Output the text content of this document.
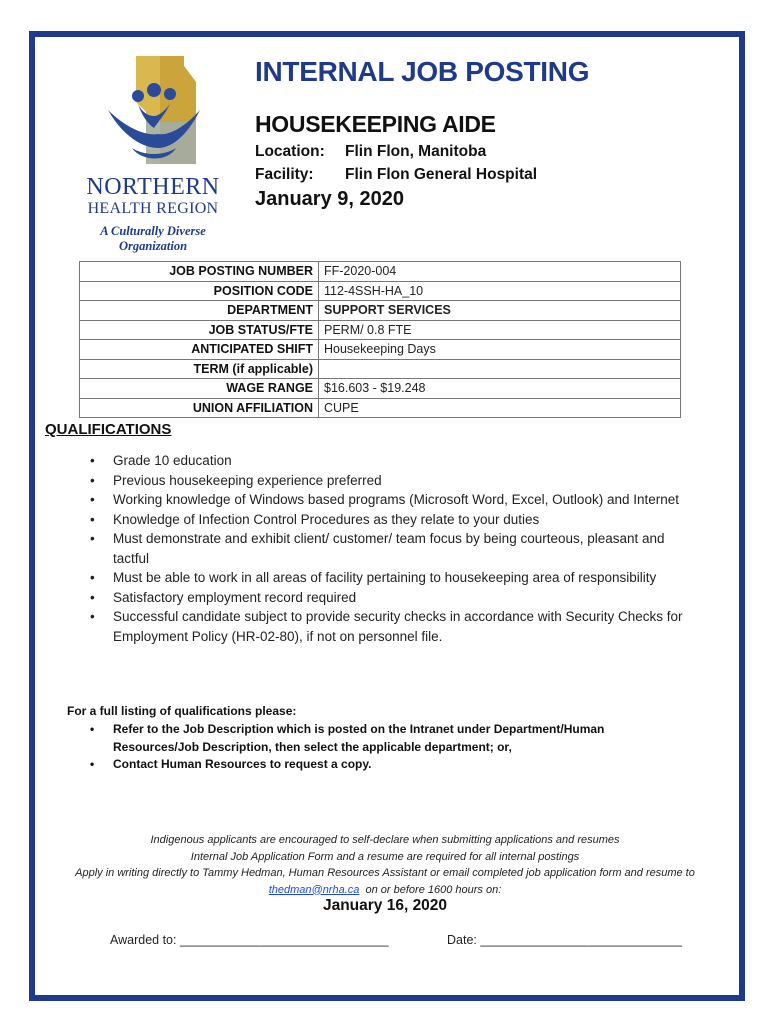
NORTHERN
HEALTH REGION
A Culturally Diverse Organization
INTERNAL JOB POSTING
HOUSEKEEPING AIDE
Location: Flin Flon, Manitoba
Facility: Flin Flon General Hospital
January 9, 2020
JOB POSTING NUMBER	FF-2020-004
POSITION CODE	112-4SSH-HA_10
DEPARTMENT	SUPPORT SERVICES
JOB STATUS/FTE	PERM/ 0.8 FTE
ANTICIPATED SHIFT	Housekeeping Days
TERM (if applicable)	
WAGE RANGE	$16.603 - $19.248
UNION AFFILIATION	CUPE
QUALIFICATIONS
• Grade 10 education
• Previous housekeeping experience preferred
• Working knowledge of Windows based programs (Microsoft Word, Excel, Outlook) and Internet
• Knowledge of Infection Control Procedures as they relate to your duties
• Must demonstrate and exhibit client/ customer/ team focus by being courteous, pleasant and tactful
• Must be able to work in all areas of facility pertaining to housekeeping area of responsibility
• Satisfactory employment record required
• Successful candidate subject to provide security checks in accordance with Security Checks for Employment Policy (HR-02-80), if not on personnel file.
For a full listing of qualifications please:
• Refer to the Job Description which is posted on the Intranet under Department/Human Resources/Job Description, then select the applicable department; or,
• Contact Human Resources to request a copy.
Indigenous applicants are encouraged to self-declare when submitting applications and resumes
Internal Job Application Form and a resume are required for all internal postings
Apply in writing directly to Tammy Hedman, Human Resources Assistant or email completed job application form and resume to
thedman@nrha.ca on or before 1600 hours on:
January 16, 2020
Awarded to: ______________________________	Date: _____________________________
